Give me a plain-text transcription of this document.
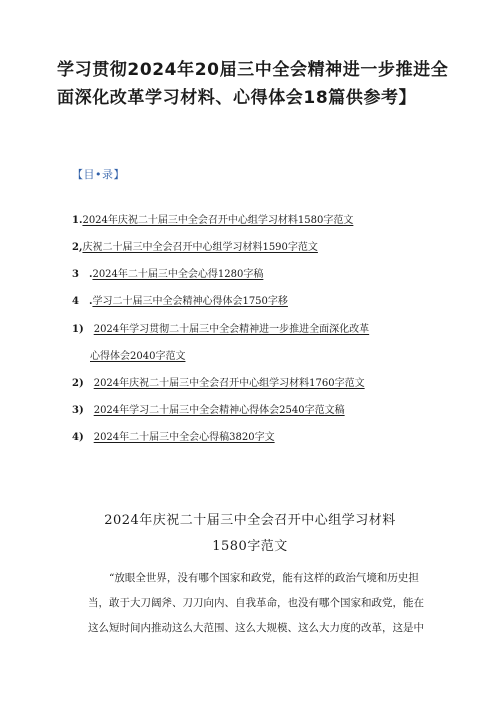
学习贯彻2024年20届三中全会精神进一步推进全
面深化改革学习材料、心得体会18篇供参考】
【目•录】
1.2024年庆祝二十届三中全会召开中心组学习材料1580字范文
2,庆祝二十届三中全会召开中心组学习材料1590字范文
3　.2024年二十届三中全会心得1280字稿
4　.学习二十届三中全会精神心得体会1750字移
1)　2024年学习贯彻二十届三中全会精神进一步推进全面深化改革
心得体会2040字范文
2)　2024年庆祝二十届三中全会召开中心组学习材料1760字范文
3)　2024年学习二十届三中全会精神心得体会2540字范文稿
4)　2024年二十届三中全会心得稿3820字文
2024年庆祝二十届三中全会召开中心组学习材料
1580字范文
“放眼全世界，没有哪个国家和政党，能有这样的政治气境和历史担
当，敢于大刀阔斧、刀刀向内、自我革命，也没有哪个国家和政党，能在
这么短时间内推动这么大范围、这么大规模、这么大力度的改革，这是中
